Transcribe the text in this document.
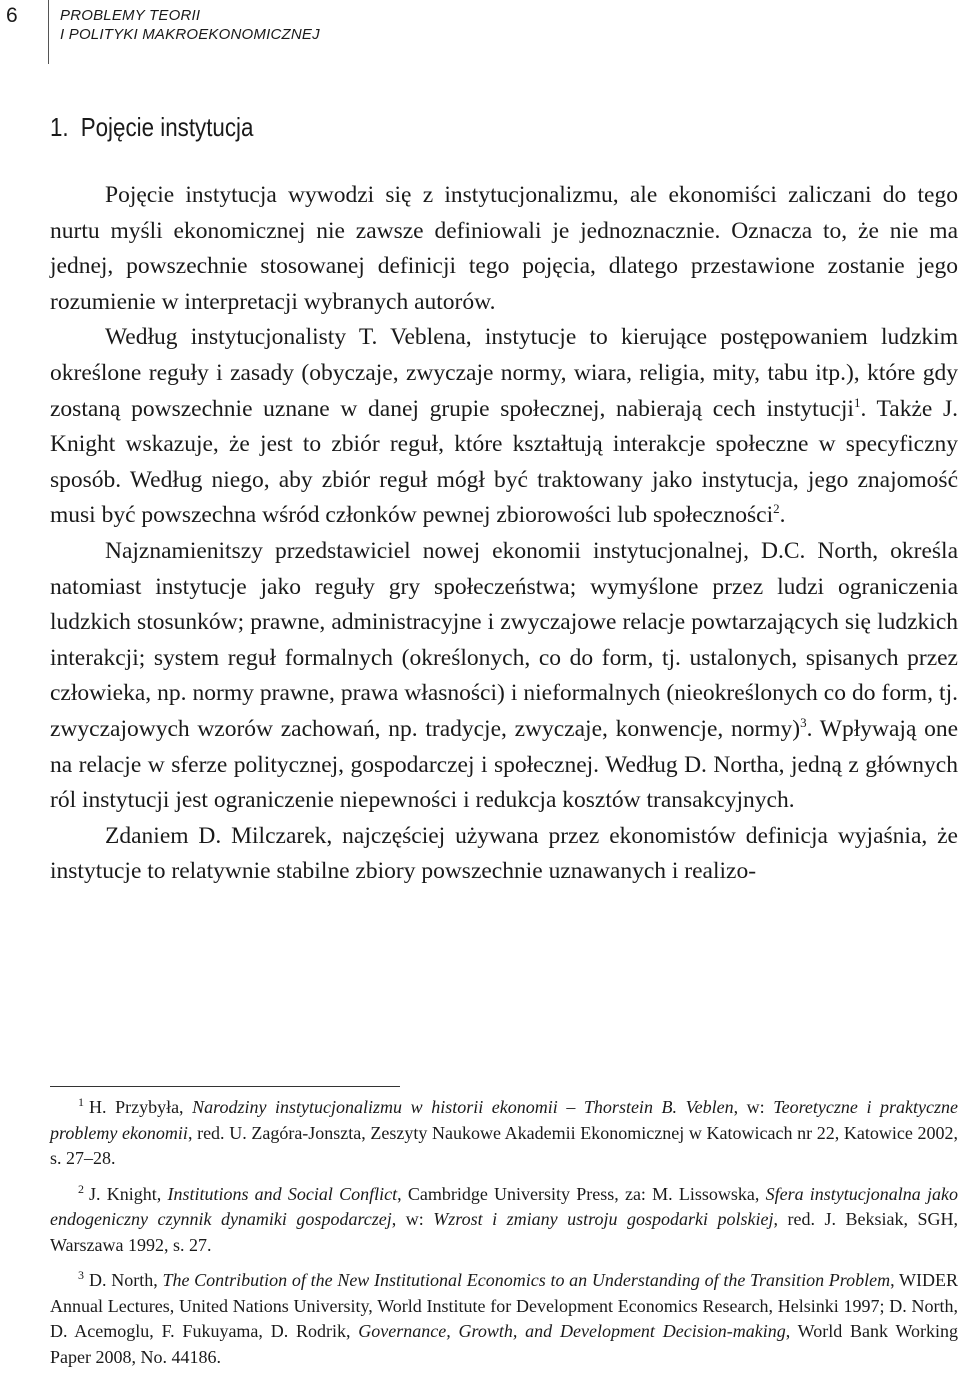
6	PROBLEMY TEORII
I POLITYKI MAKROEKONOMICZNEJ
1. Pojęcie instytucja

Pojęcie instytucja wywodzi się z instytucjonalizmu, ale ekonomiści zaliczani do tego nurtu myśli ekonomicznej nie zawsze definiowali je jednoznacznie. Oznacza to, że nie ma jednej, powszechnie stosowanej definicji tego pojęcia, dlatego przestawione zostanie jego rozumienie w interpretacji wybranych autorów.

Według instytucjonalisty T. Veblena, instytucje to kierujące postępowaniem ludzkim określone reguły i zasady (obyczaje, zwyczaje normy, wiara, religia, mity, tabu itp.), które gdy zostaną powszechnie uznane w danej grupie społecznej, nabierają cech instytucji$^1$. Także J. Knight wskazuje, że jest to zbiór reguł, które kształtują interakcje społeczne w specyficzny sposób. Według niego, aby zbiór reguł mógł być traktowany jako instytucja, jego znajomość musi być powszechna wśród członków pewnej zbiorowości lub społeczności$^2$.

Najznamienitszy przedstawiciel nowej ekonomii instytucjonalnej, D.C. North, określa natomiast instytucje jako reguły gry społeczeństwa; wymyślone przez ludzi ograniczenia ludzkich stosunków; prawne, administracyjne i zwyczajowe relacje powtarzających się ludzkich interakcji; system reguł formalnych (określonych, co do form, tj. ustalonych, spisanych przez człowieka, np. normy prawne, prawa własności) i nieformalnych (nieokreślonych co do form, tj. zwyczajowych wzorów zachowań, np. tradycje, zwyczaje, konwencje, normy)$^3$. Wpływają one na relacje w sferze politycznej, gospodarczej i społecznej. Według D. Northa, jedną z głównych ról instytucji jest ograniczenie niepewności i redukcja kosztów transakcyjnych.

Zdaniem D. Milczarek, najczęściej używana przez ekonomistów definicja wyjaśnia, że instytucje to relatywnie stabilne zbiory powszechnie uznawanych i realizo-

$^1$ H. Przybyła, Narodziny instytucjonalizmu w historii ekonomii – Thorstein B. Veblen, w: Teoretyczne i praktyczne problemy ekonomii, red. U. Zagóra-Jonszta, Zeszyty Naukowe Akademii Ekonomicznej w Katowicach nr 22, Katowice 2002, s. 27–28.

$^2$ J. Knight, Institutions and Social Conflict, Cambridge University Press, za: M. Lissowska, Sfera instytucjonalna jako endogeniczny czynnik dynamiki gospodarczej, w: Wzrost i zmiany ustroju gospodarki polskiej, red. J. Beksiak, SGH, Warszawa 1992, s. 27.

$^3$ D. North, The Contribution of the New Institutional Economics to an Understanding of the Transition Problem, WIDER Annual Lectures, United Nations University, World Institute for Development Economics Research, Helsinki 1997; D. North, D. Acemoglu, F. Fukuyama, D. Rodrik, Governance, Growth, and Development Decision-making, World Bank Working Paper 2008, No. 44186.
